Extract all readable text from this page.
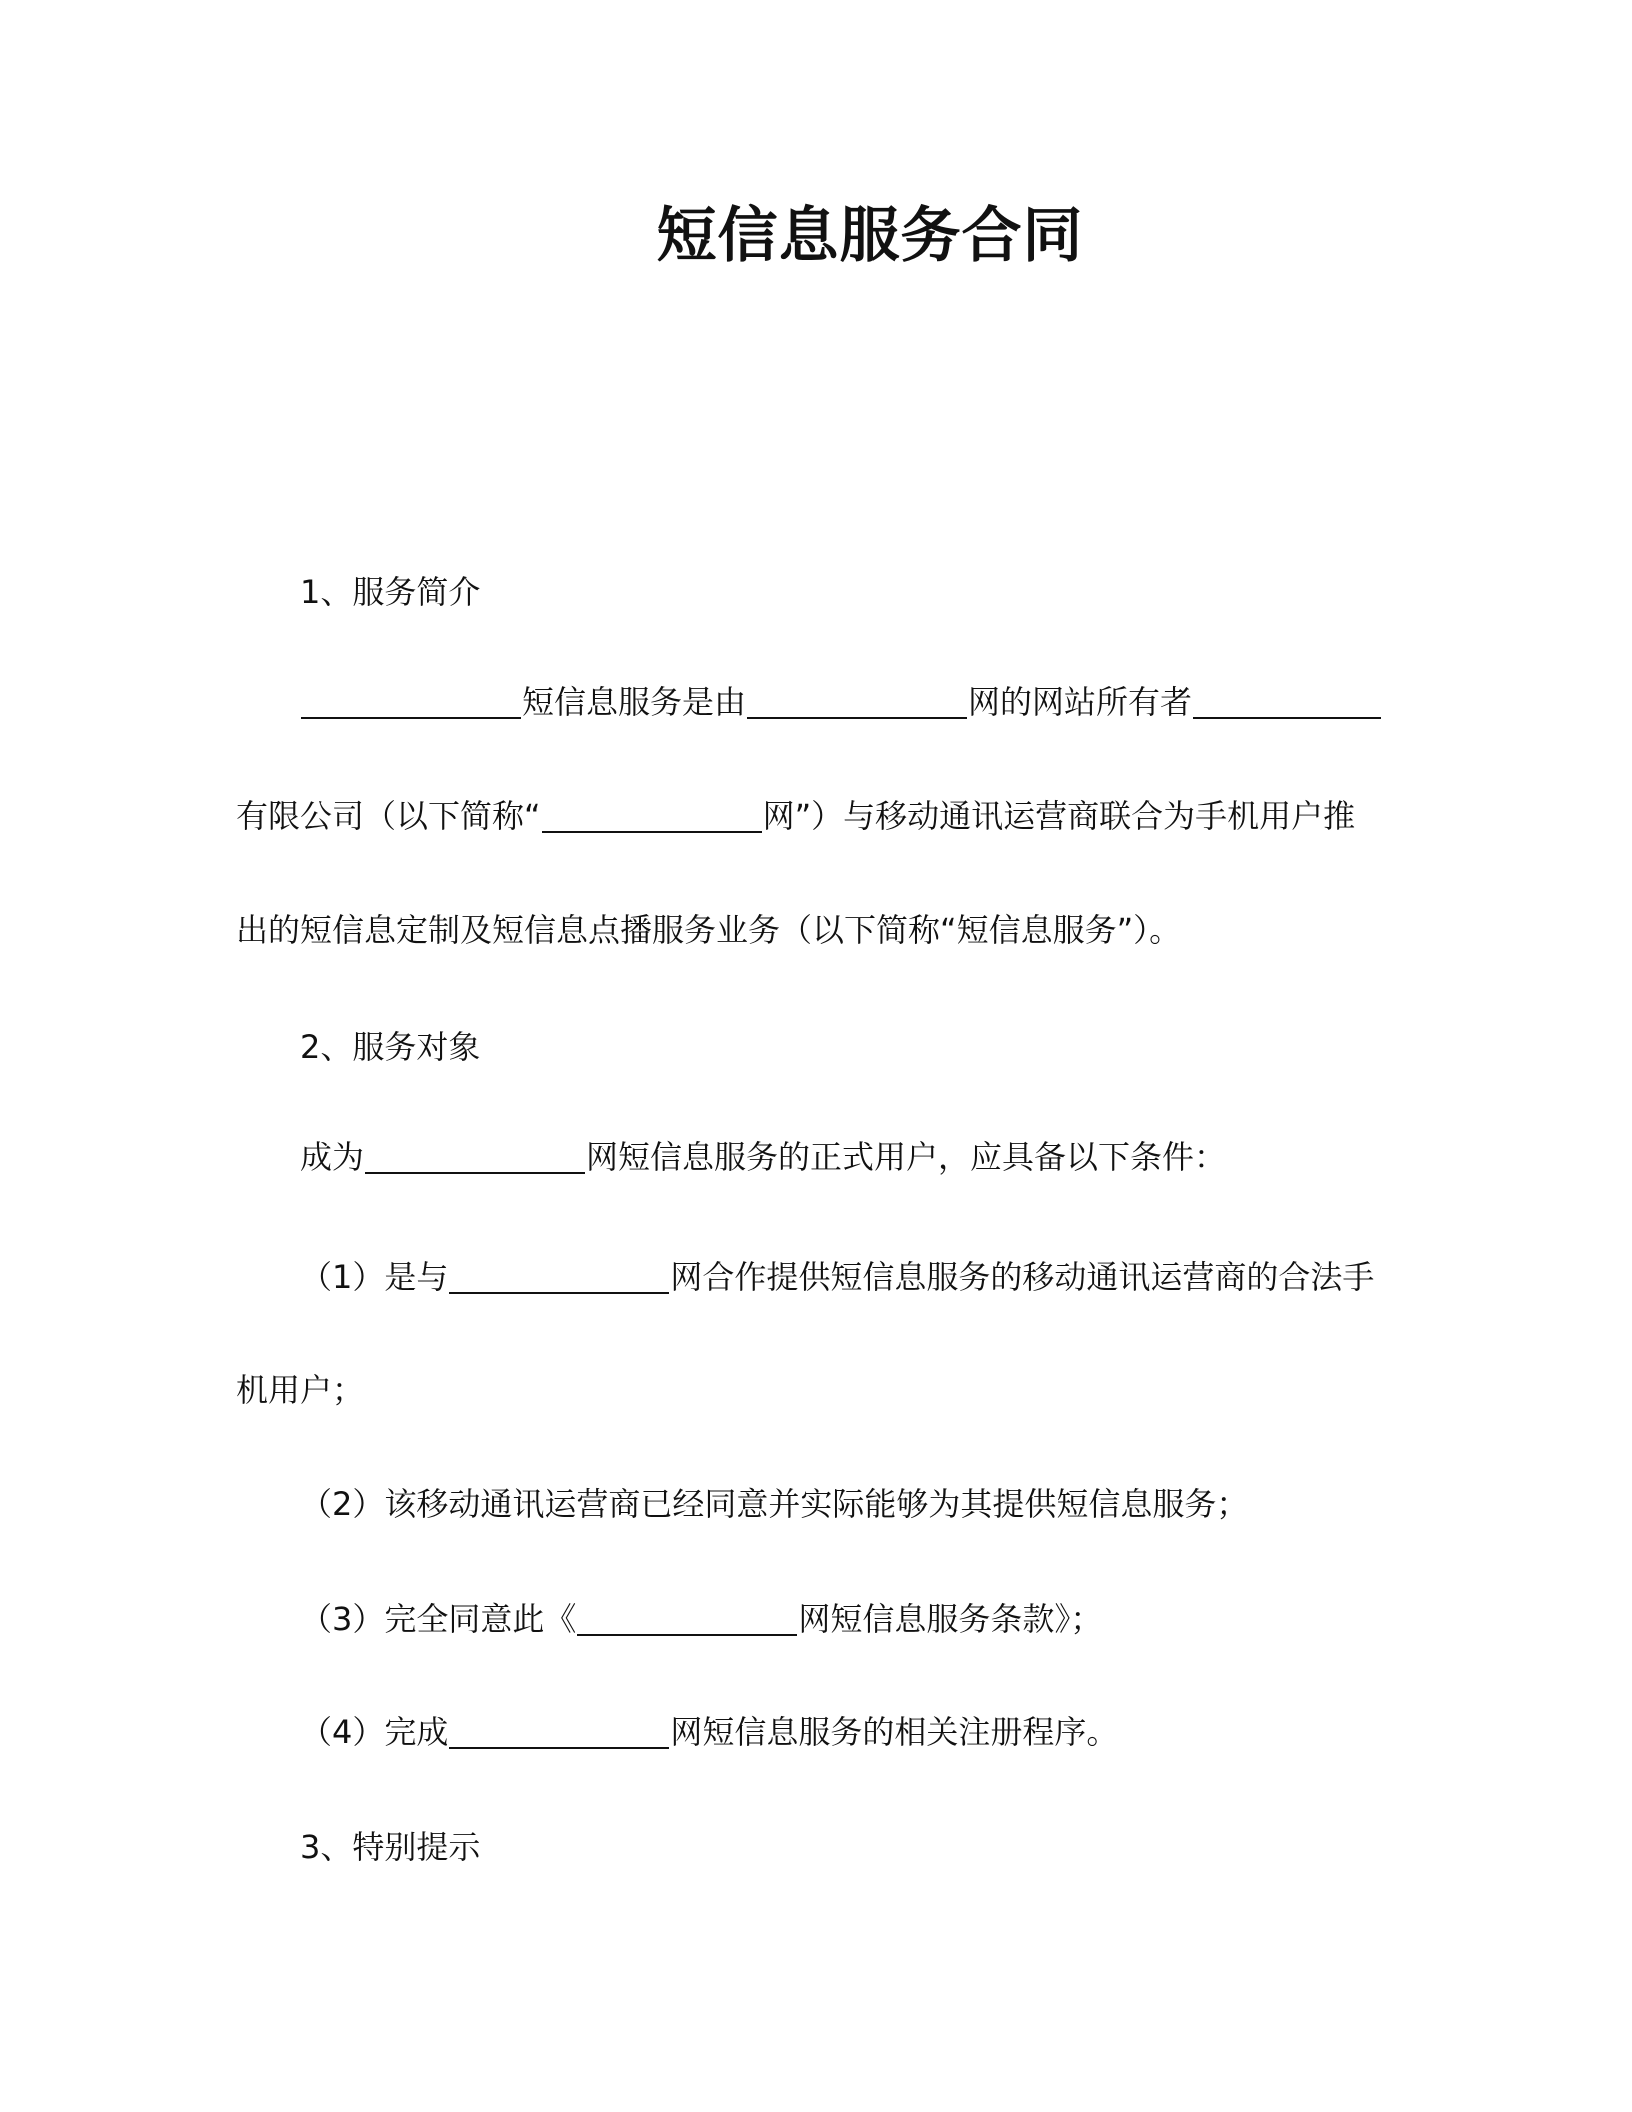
短信息服务合同
1、服务简介
短信息服务是由	网的网站所有者
有限公司（以下简称“	网”）与移动通讯运营商联合为手机用户推
出的短信息定制及短信息点播服务业务（以下简称“短信息服务”）。
2、服务对象
成为	网短信息服务的正式用户，应具备以下条件：
（1）是与	网合作提供短信息服务的移动通讯运营商的合法手
机用户；
（2）该移动通讯运营商已经同意并实际能够为其提供短信息服务；
（3）完全同意此《	网短信息服务条款》；
（4）完成	网短信息服务的相关注册程序。
3、特别提示
